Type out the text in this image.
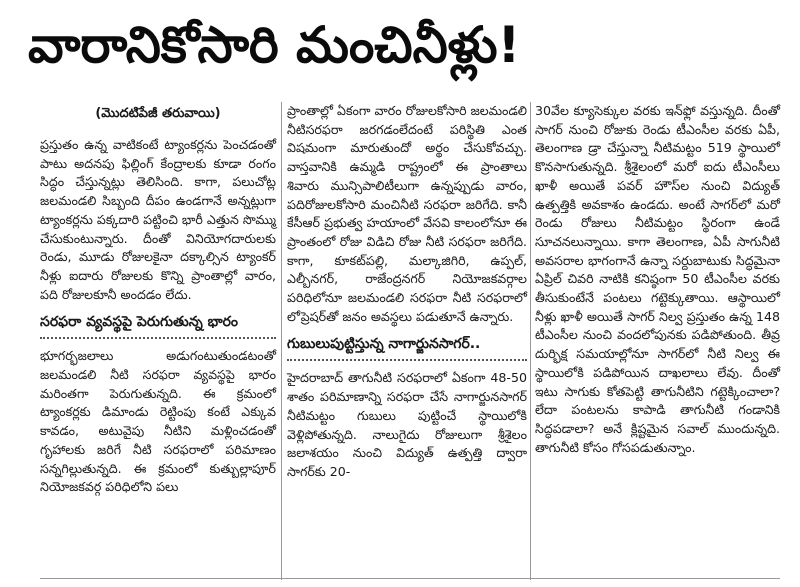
వారానికోసారి మంచినీళ్లు!
(మొదటిపేజీ తరువాయి)

ప్రస్తుతం ఉన్న వాటికంటే ట్యాంకర్లను పెంచడంతో పాటు అదనపు ఫిల్లింగ్ కేంద్రాలకు కూడా రంగం సిద్ధం చేస్తున్నట్లు తెలిసింది. కాగా, పలుచోట్ల జలమండలి సిబ్బంది దీపం ఉండగానే అన్నట్లుగా ట్యాంకర్లను పక్కదారి పట్టించి భారీ ఎత్తున సొమ్ము చేసుకుంటున్నారు. దీంతో వినియోగదారులకు రెండు, మూడు రోజులకైనా దక్కాల్సిన ట్యాంకర్ నీళ్లు ఐదారు రోజులకు కొన్ని ప్రాంతాల్లో వారం, పది రోజులకూనీ అందడం లేదు.

సరఫరా వ్యవస్థపై పెరుగుతున్న భారం

భూగర్భజలాలు అడుగంటుతుండటంతో జలమండలి నీటి సరఫరా వ్యవస్థపై భారం మరింతగా పెరుగుతున్నది. ఈ క్రమంలో ట్యాంకర్లకు డిమాండు రెట్టింపు కంటే ఎక్కువ కావడం, అటువైపు నీటిని మళ్లించడంతో గృహాలకు జరిగే నీటి సరఫరాలో పరిమాణం సన్నగిల్లుతున్నది. ఈ క్రమంలో కుత్బుల్లాపూర్ నియోజకవర్గ పరిధిలోని పలు

ప్రాంతాల్లో ఏకంగా వారం రోజులకోసారి జలమండలి నీటిసరఫరా జరగడంలేదంటే పరిస్థితి ఎంత విషమంగా మారుతుందో అర్థం చేసుకోవచ్చు. వాస్తవానికి ఉమ్మడి రాష్ట్రంలో ఈ ప్రాంతాలు శివారు మున్సిపాలిటీలుగా ఉన్నప్పుడు వారం, పదిరోజులకోసారి మంచినీటి సరఫరా జరిగేది. కానీ కేసీఆర్ ప్రభుత్వ హయాంలో వేసవి కాలంలోనూ ఈ ప్రాంతంలో రోజు విడిచి రోజు నీటి సరఫరా జరిగేది. కాగా, కూకట్‌పల్లి, మల్కాజిగిరి, ఉప్పల్, ఎల్బీనగర్, రాజేంద్రనగర్ నియోజకవర్గాల పరిధిలోనూ జలమండలి సరఫరా నీటి సరఫరాలో లోప్రెషర్‌తో జనం అవస్థలు పడుతూనే ఉన్నారు.

గుబులుపుట్టిస్తున్న నాగార్జునసాగర్..

హైదరాబాద్ తాగునీటి సరఫరాలో ఏకంగా 48-50 శాతం పరిమాణాన్ని సరఫరా చేసే నాగార్జునసాగర్ నీటిమట్టం గుబులు పుట్టించే స్థాయిలోకి వెళ్లిపోతున్నది. నాలుగైదు రోజులుగా శ్రీశైలం జలాశయం నుంచి విద్యుత్ ఉత్పత్తి ద్వారా సాగర్‌కు 20-

30వేల క్యూసెక్కుల వరకు ఇన్‌ఫ్లో వస్తున్నది. దీంతో సాగర్ నుంచి రోజుకు రెండు టీఎంసీల వరకు ఏపీ, తెలంగాణ డ్రా చేస్తున్నా నీటిమట్టం 519 స్థాయిలో కొనసాగుతున్నది. శ్రీశైలంలో మరో ఐదు టీఎంసీలు ఖాళీ అయితే పవర్ హౌస్‌ల నుంచి విద్యుత్ ఉత్పత్తికి అవకాశం ఉండదు. అంటే సాగర్‌లో మరో రెండు రోజులు నీటిమట్టం స్థిరంగా ఉండే సూచనలున్నాయి. కాగా తెలంగాణ, ఏపీ సాగునీటి అవసరాల భాగంగానే ఉన్నా సర్దుబాటుకు సిద్ధమైనా ఏప్రిల్ చివరి నాటికి కనిష్ఠంగా 50 టీఎంసీల వరకు తీసుకుంటేనే పంటలు గట్టెక్కుతాయి. ఆస్థాయిలో నీళ్లు ఖాళీ అయితే సాగర్ నిల్వ ప్రస్తుతం ఉన్న 148 టీఎంసీల నుంచి వందలోపునకు పడిపోతుంది. తీవ్ర దుర్భిక్ష సమయాల్లోనూ సాగర్‌లో నీటి నిల్వ ఈ స్థాయిలోకి పడిపోయిన దాఖలాలు లేవు. దీంతో ఇటు సాగుకు కోతపెట్టి తాగునీటిని గట్టెక్కించాలా? లేదా పంటలను కాపాడి తాగునీటి గండానికి సిద్ధపడాలా? అనే క్లిష్టమైన సవాల్ ముందున్నది. తాగునీటి కోసం గోసపడుతున్నాం.
